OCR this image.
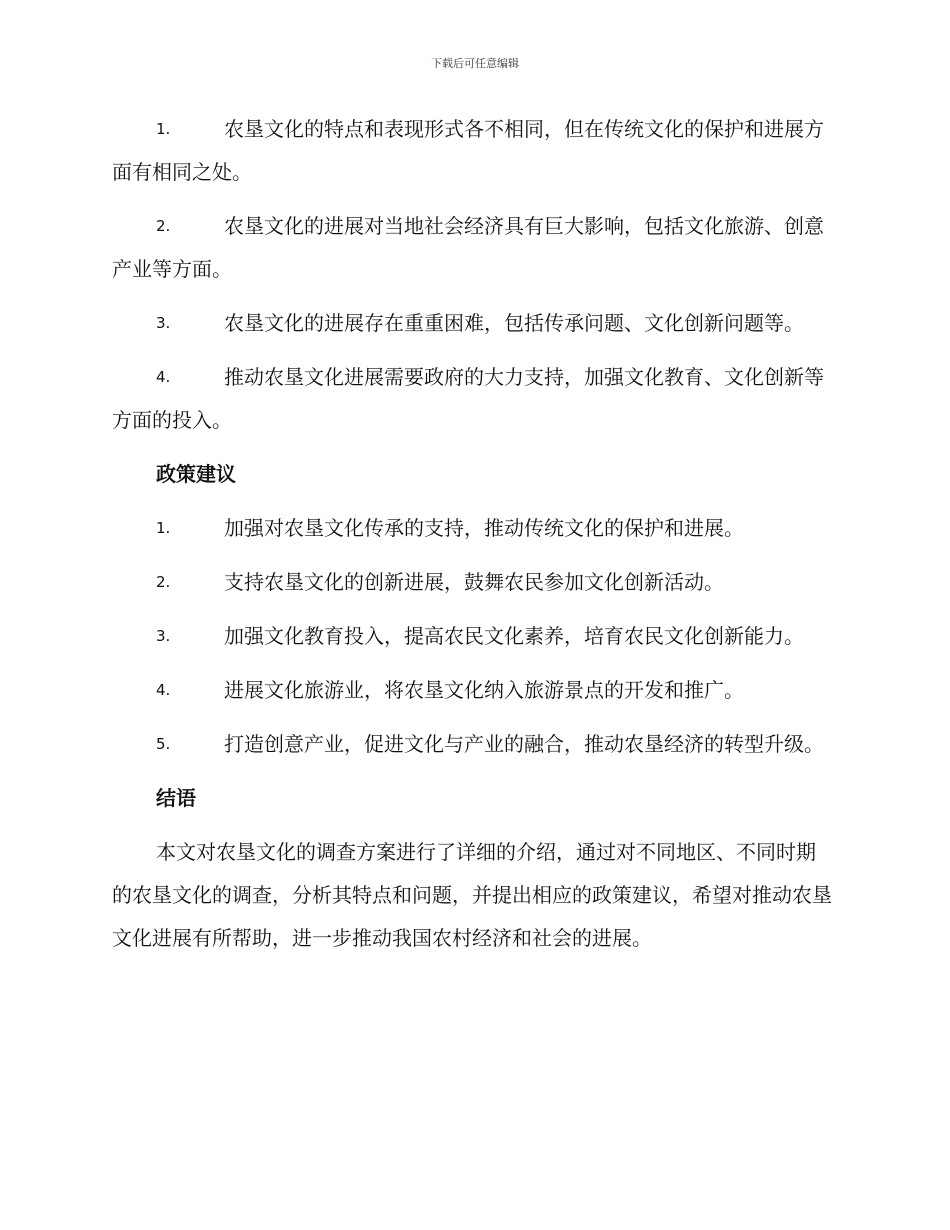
下载后可任意编辑
1.	农垦文化的特点和表现形式各不相同，但在传统文化的保护和进展方面有相同之处。
2.	农垦文化的进展对当地社会经济具有巨大影响，包括文化旅游、创意产业等方面。
3.	农垦文化的进展存在重重困难，包括传承问题、文化创新问题等。
4.	推动农垦文化进展需要政府的大力支持，加强文化教育、文化创新等方面的投入。
政策建议
1.	加强对农垦文化传承的支持，推动传统文化的保护和进展。
2.	支持农垦文化的创新进展，鼓舞农民参加文化创新活动。
3.	加强文化教育投入，提高农民文化素养，培育农民文化创新能力。
4.	进展文化旅游业，将农垦文化纳入旅游景点的开发和推广。
5.	打造创意产业，促进文化与产业的融合，推动农垦经济的转型升级。
结语
本文对农垦文化的调查方案进行了详细的介绍，通过对不同地区、不同时期的农垦文化的调查，分析其特点和问题，并提出相应的政策建议，希望对推动农垦文化进展有所帮助，进一步推动我国农村经济和社会的进展。
